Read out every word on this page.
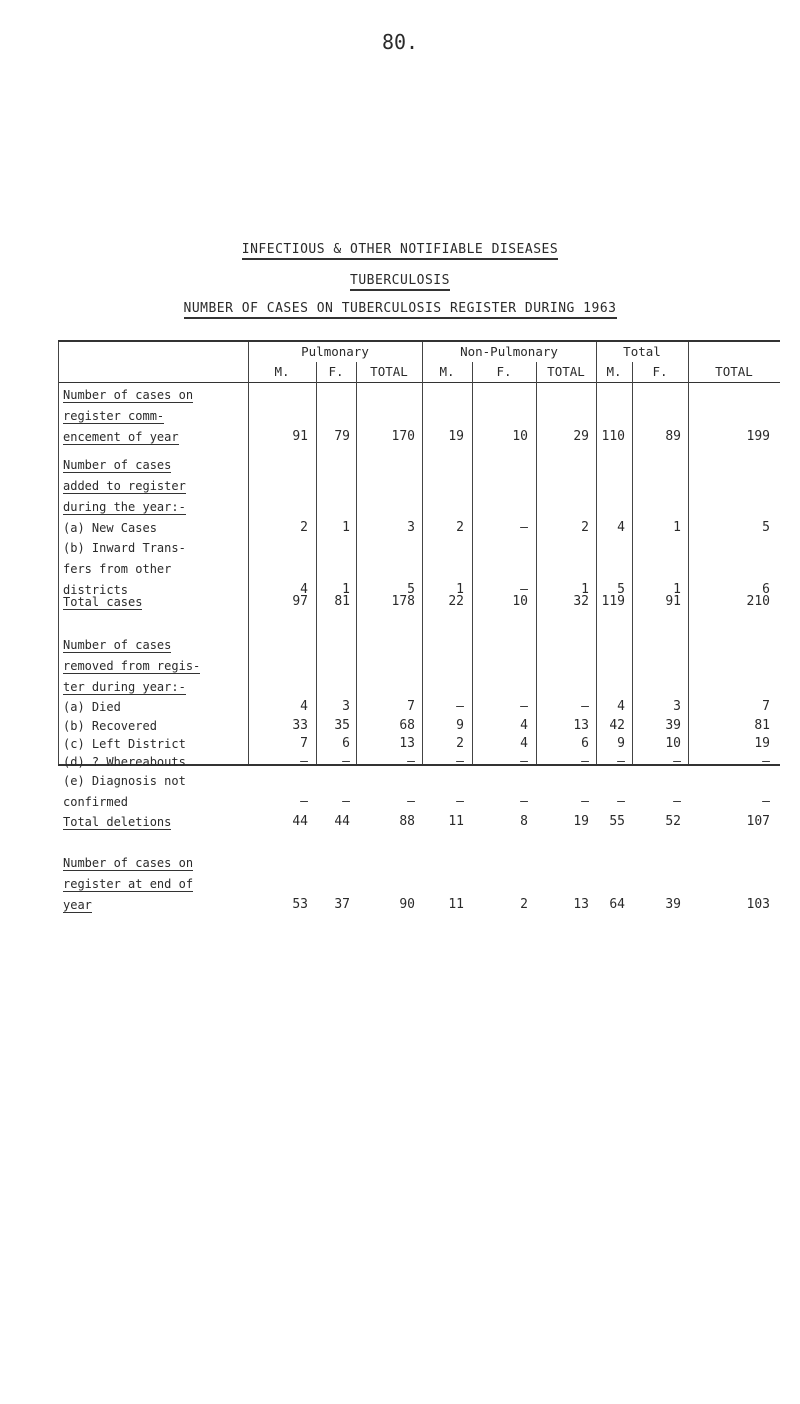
80.
INFECTIOUS & OTHER NOTIFIABLE DISEASES
TUBERCULOSIS
NUMBER OF CASES ON TUBERCULOSIS REGISTER DURING 1963
Pulmonary	Non-Pulmonary	Total
M.	F.	TOTAL	M.	F.	TOTAL	M.	F.	TOTAL
Number of cases on
register comm-
encement of year	91	79	170	19	10	29 110	89	199
Number of cases
added to register
during the year:-
(a) New Cases	2	1	3	2	–	2	4	1	5
(b) Inward Trans-
fers from other
districts	4	1	5	1	–	1	5	1	6
Total cases	97	81	178	22	10	32 119	91	210
Number of cases
removed from regis-
ter during year:-
(a) Died	4	3	7	–	–	–	4	3	7
(b) Recovered	33	35	68	9	4	13	42	39	81
(c) Left District	7	6	13	2	4	6	9	10	19
(d) ? Whereabouts	–	–	–	–	–	–	–	–	–
(e) Diagnosis not
confirmed	–	–	–	–	–	–	–	–	–
Total deletions	44	44	88	11	8	19	55	52	107
Number of cases on
register at end of
year	53	37	90	11	2	13	64	39	103
